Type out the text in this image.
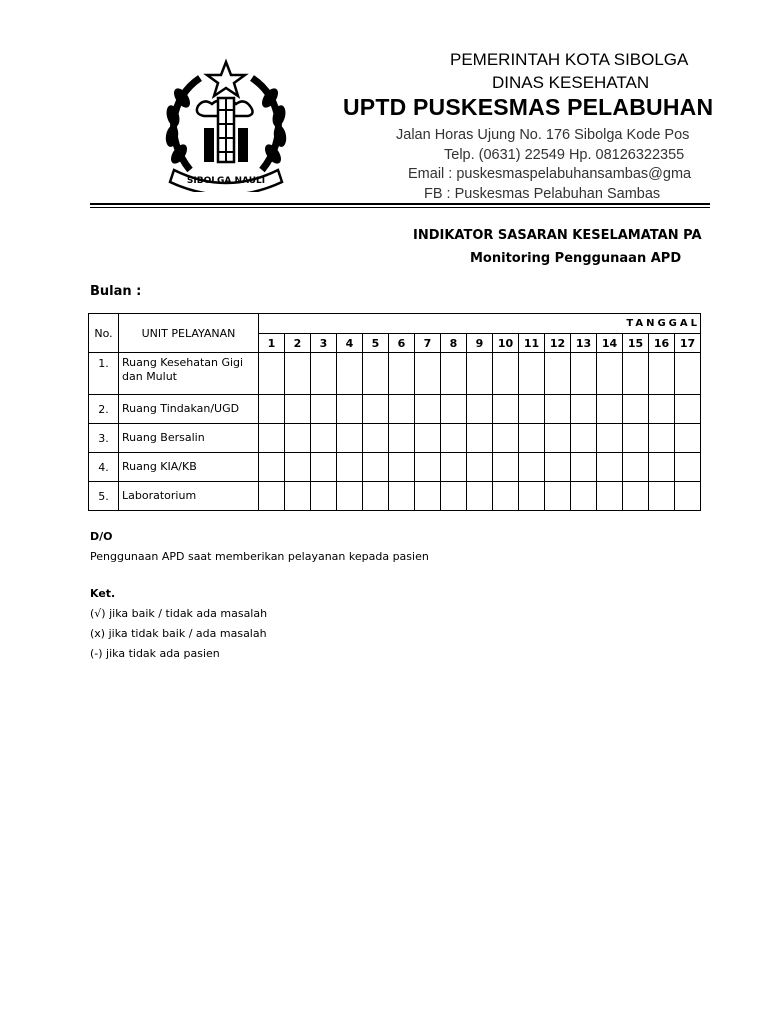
SIBOLGA NAULI
PEMERINTAH KOTA SIBOLGA
DINAS KESEHATAN
UPTD PUSKESMAS PELABUHAN
Jalan Horas Ujung No. 176 Sibolga Kode Pos
Telp. (0631) 22549 Hp. 08126322355
Email : puskesmaspelabuhansambas@gma
FB : Puskesmas Pelabuhan Sambas
INDIKATOR SASARAN KESELAMATAN PA
Monitoring Penggunaan APD
Bulan :
No.	UNIT PELAYANAN	TANGGAL																
		1	2	3	4	5	6	7	8	9	10	11	12	13	14	15	16	17
1.	Ruang Kesehatan Gigi dan Mulut																	
2.	Ruang Tindakan/UGD																	
3.	Ruang Bersalin																	
4.	Ruang KIA/KB																	
5.	Laboratorium																	
D/O
Penggunaan APD saat memberikan pelayanan kepada pasien
Ket.
(√) jika baik / tidak ada masalah
(x) jika tidak baik / ada masalah
(-) jika tidak ada pasien
